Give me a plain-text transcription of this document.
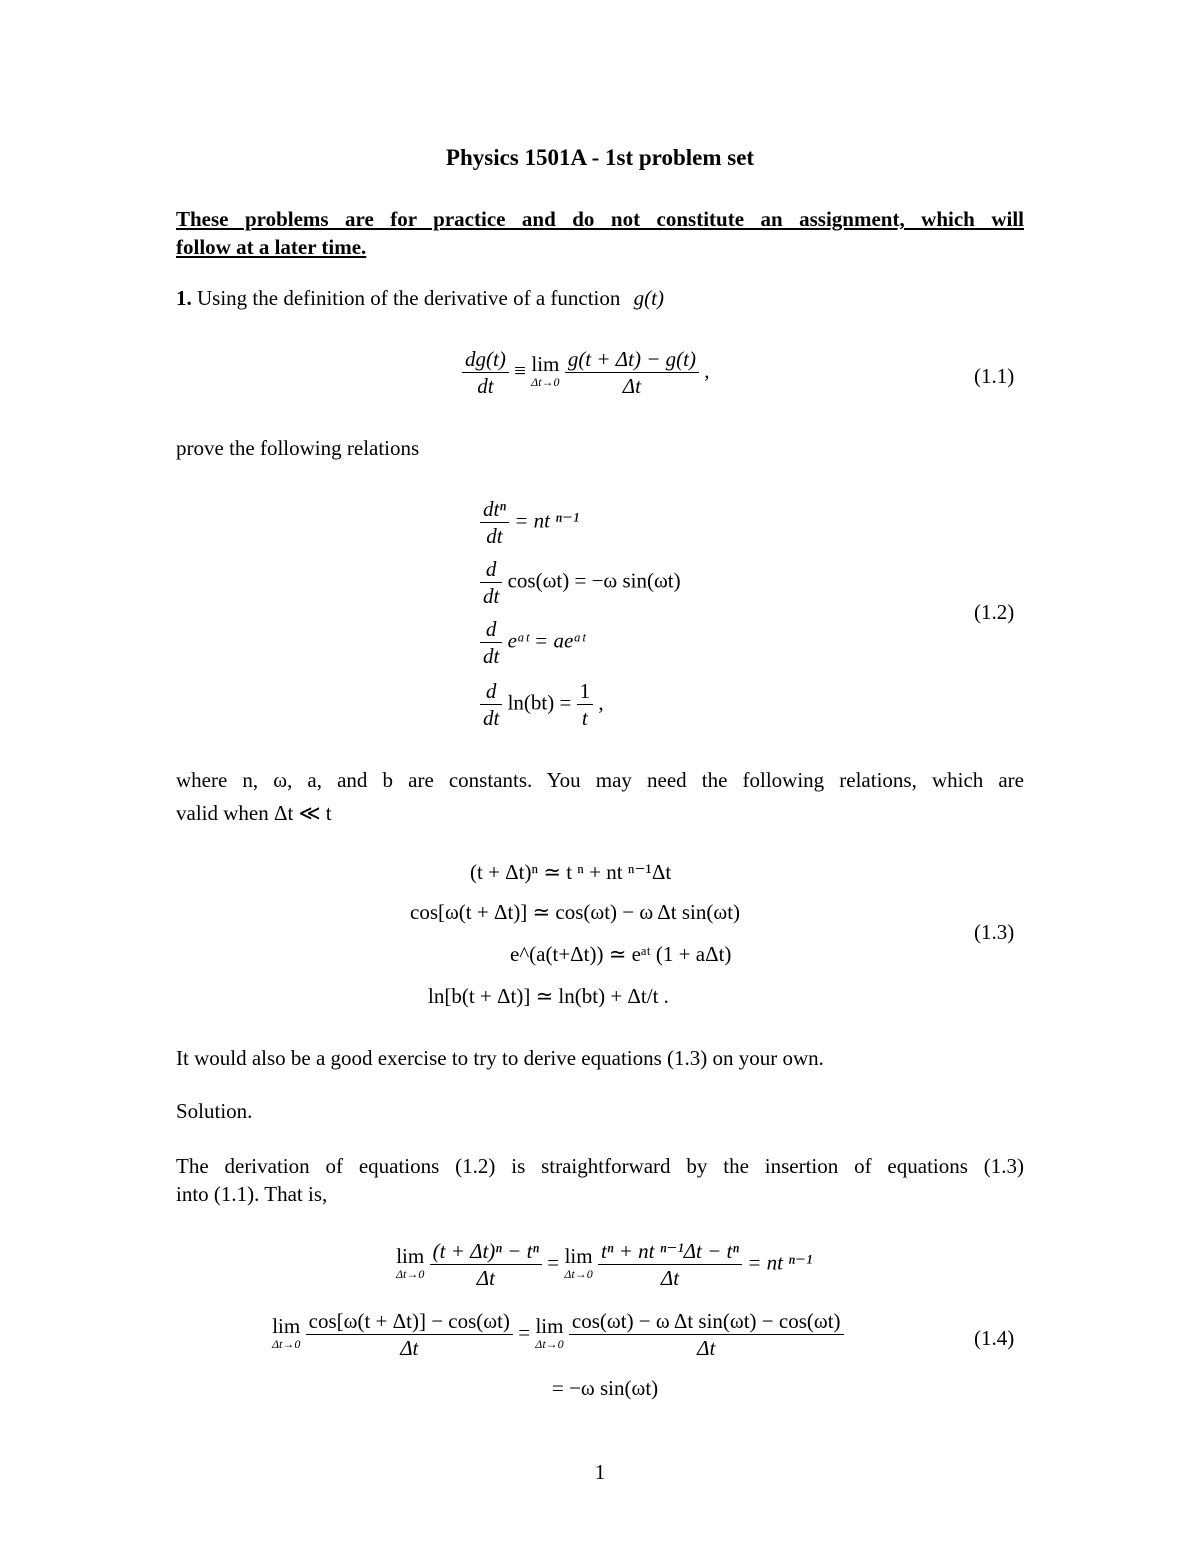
Physics 1501A - 1st problem set
These problems are for practice and do not constitute an assignment, which will
follow at a later time.
1. Using the definition of the derivative of a function g(t)
$\frac{dg(t)}{dt} \equiv \lim$
Δt→0
$\frac{g(t + \Delta t) - g(t)}{\Delta t}$ ,	(1.1)
prove the following relations
$\frac{\text{dtⁿ}}{dt}$ = nt ⁿ⁻¹
$\frac{d}{dt} \cos(\omega t) = -\omega$ sin(ωt)
$\frac{d}{dt}$ eᵃᵗ = aeᵃᵗ
$\frac{d}{dt} \ln(bt) = \frac{1}{t}$ ,
(1.2)
where n, ω, a, and b are constants. You may need the following relations, which are
valid when Δt ≪ t
(t + Δt)ⁿ ≃ t ⁿ + nt ⁿ⁻¹Δt
cos[ω(t + Δt)] ≃ cos(ωt) − ω Δt sin(ωt)
e^(a(t+Δt)) ≃ eᵃᵗ (1 + aΔt)
ln[b(t + Δt)] ≃ ln(bt) + Δt/t .
(1.3)
It would also be a good exercise to try to derive equations (1.3) on your own.
Solution.
The derivation of equations (1.2) is straightforward by the insertion of equations (1.3)
into (1.1). That is,
lim
Δt→0
$\frac{\text{(t + Δt)ⁿ − tⁿ}}{\Delta t} = \lim$
Δt→0
$\frac{\text{tⁿ + nt ⁿ⁻¹Δt − tⁿ}}{\Delta t}$ = nt ⁿ⁻¹
lim
Δt→0
$\frac{\cos[\omega(t + \Delta t)] - \cos(\omega t)}{\Delta t} = \lim$
Δt→0
$\frac{\text{cos(ωt) − ω Δt sin(ωt) − cos(ωt)}}{\Delta t}$
= −ω sin(ωt)
(1.4)
1
